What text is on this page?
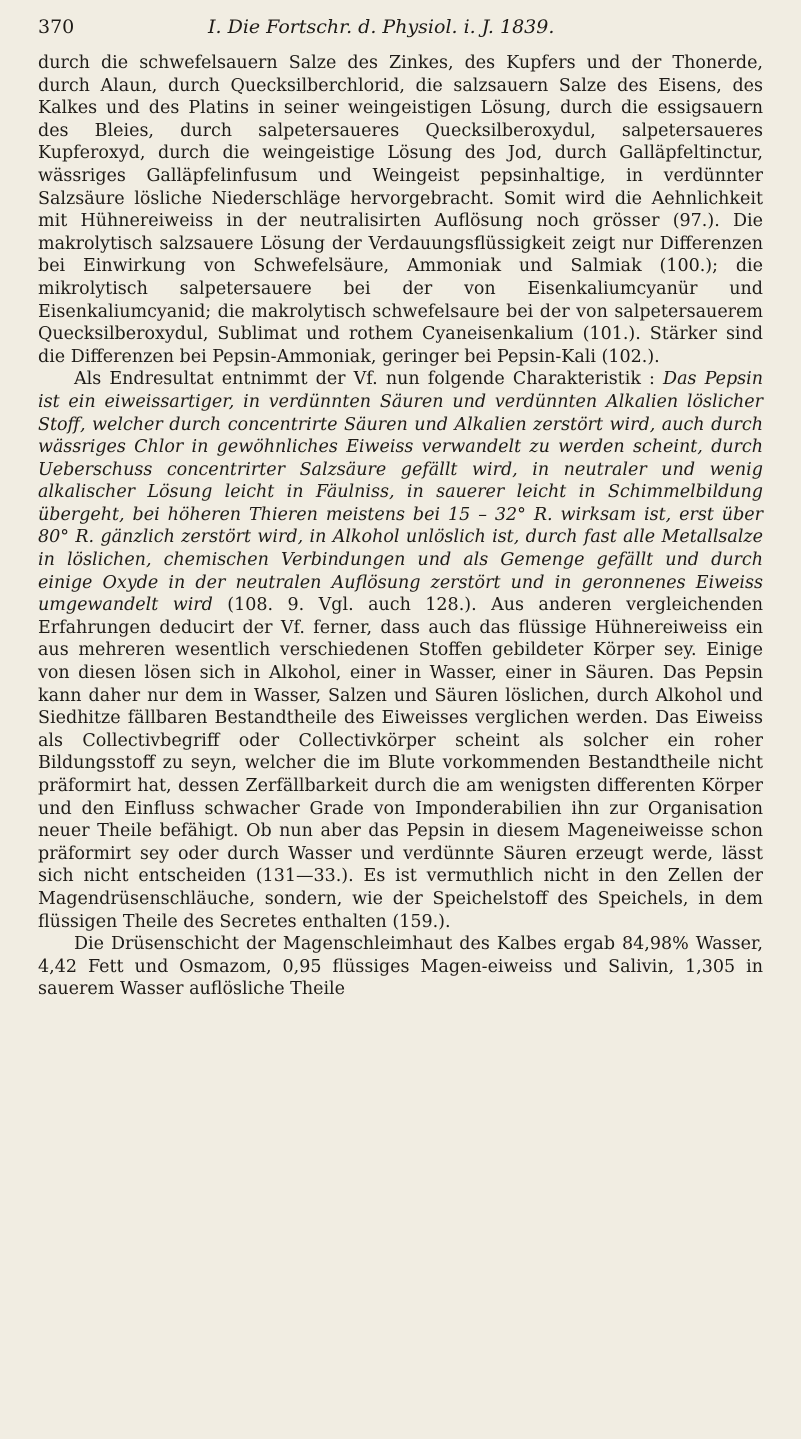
370	I. Die Fortschr. d. Physiol. i. J. 1839.

durch die schwefelsauern Salze des Zinkes, des Kupfers und der Thonerde, durch Alaun, durch Quecksilberchlorid, die salzsauern Salze des Eisens, des Kalkes und des Platins in seiner weingeistigen Lösung, durch die essigsauern des Bleies, durch salpetersaueres Quecksilberoxydul, salpetersaueres Kupferoxyd, durch die weingeistige Lösung des Jod, durch Galläpfeltinctur, wässriges Galläpfelinfusum und Weingeist pepsinhaltige, in verdünnter Salzsäure lösliche Niederschläge hervorgebracht. Somit wird die Aehnlichkeit mit Hühnereiweiss in der neutralisirten Auflösung noch grösser (97.). Die makrolytisch salzsauere Lösung der Verdauungsflüssigkeit zeigt nur Differenzen bei Einwirkung von Schwefelsäure, Ammoniak und Salmiak (100.); die mikrolytisch salpetersauere bei der von Eisenkaliumcyanür und Eisenkaliumcyanid; die makrolytisch schwefelsaure bei der von salpetersauerem Quecksilberoxydul, Sublimat und rothem Cyaneisenkalium (101.). Stärker sind die Differenzen bei Pepsin-Ammoniak, geringer bei Pepsin-Kali (102.).

Als Endresultat entnimmt der Vf. nun folgende Charakteristik : Das Pepsin ist ein eiweissartiger, in verdünnten Säuren und verdünnten Alkalien löslicher Stoff, welcher durch concentrirte Säuren und Alkalien zerstört wird, auch durch wässriges Chlor in gewöhnliches Eiweiss verwandelt zu werden scheint, durch Ueberschuss concentrirter Salzsäure gefällt wird, in neutraler und wenig alkalischer Lösung leicht in Fäulniss, in sauerer leicht in Schimmelbildung übergeht, bei höheren Thieren meistens bei 15 – 32° R. wirksam ist, erst über 80° R. gänzlich zerstört wird, in Alkohol unlöslich ist, durch fast alle Metallsalze in löslichen, chemischen Verbindungen und als Gemenge gefällt und durch einige Oxyde in der neutralen Auflösung zerstört und in geronnenes Eiweiss umgewandelt wird (108. 9. Vgl. auch 128.). Aus anderen vergleichenden Erfahrungen deducirt der Vf. ferner, dass auch das flüssige Hühnereiweiss ein aus mehreren wesentlich verschiedenen Stoffen gebildeter Körper sey. Einige von diesen lösen sich in Alkohol, einer in Wasser, einer in Säuren. Das Pepsin kann daher nur dem in Wasser, Salzen und Säuren löslichen, durch Alkohol und Siedhitze fällbaren Bestandtheile des Eiweisses verglichen werden. Das Eiweiss als Collectivbegriff oder Collectivkörper scheint als solcher ein roher Bildungsstoff zu seyn, welcher die im Blute vorkommenden Bestandtheile nicht präformirt hat, dessen Zerfällbarkeit durch die am wenigsten differenten Körper und den Einfluss schwacher Grade von Imponderabilien ihn zur Organisation neuer Theile befähigt. Ob nun aber das Pepsin in diesem Mageneiweisse schon präformirt sey oder durch Wasser und verdünnte Säuren erzeugt werde, lässt sich nicht entscheiden (131—33.). Es ist vermuthlich nicht in den Zellen der Magendrüsenschläuche, sondern, wie der Speichelstoff des Speichels, in dem flüssigen Theile des Secretes enthalten (159.).

Die Drüsenschicht der Magenschleimhaut des Kalbes ergab 84,98% Wasser, 4,42 Fett und Osmazom, 0,95 flüssiges Magen-eiweiss und Salivin, 1,305 in sauerem Wasser auflösliche Theile
